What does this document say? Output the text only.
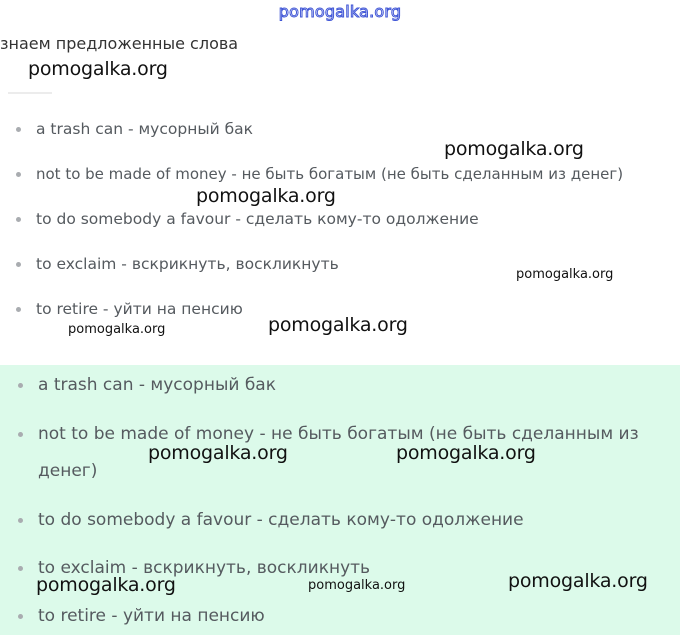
pomogalka.org
знаем предложенные слова
a trash can - мусорный бак
not to be made of money - не быть богатым (не быть сделанным из денег)
to do somebody a favour - сделать кому-то одолжение
to exclaim - вскрикнуть, воскликнуть
to retire - уйти на пенсию
a trash can - мусорный бак
not to be made of money - не быть богатым (не быть сделанным из денег)
to do somebody a favour - сделать кому-то одолжение
to exclaim - вскрикнуть, воскликнуть
to retire - уйти на пенсию
pomogalka.org
pomogalka.org
pomogalka.org
pomogalka.org
pomogalka.org	pomogalka.org
pomogalka.org	pomogalka.org
pomogalka.org	pomogalka.org	pomogalka.org
